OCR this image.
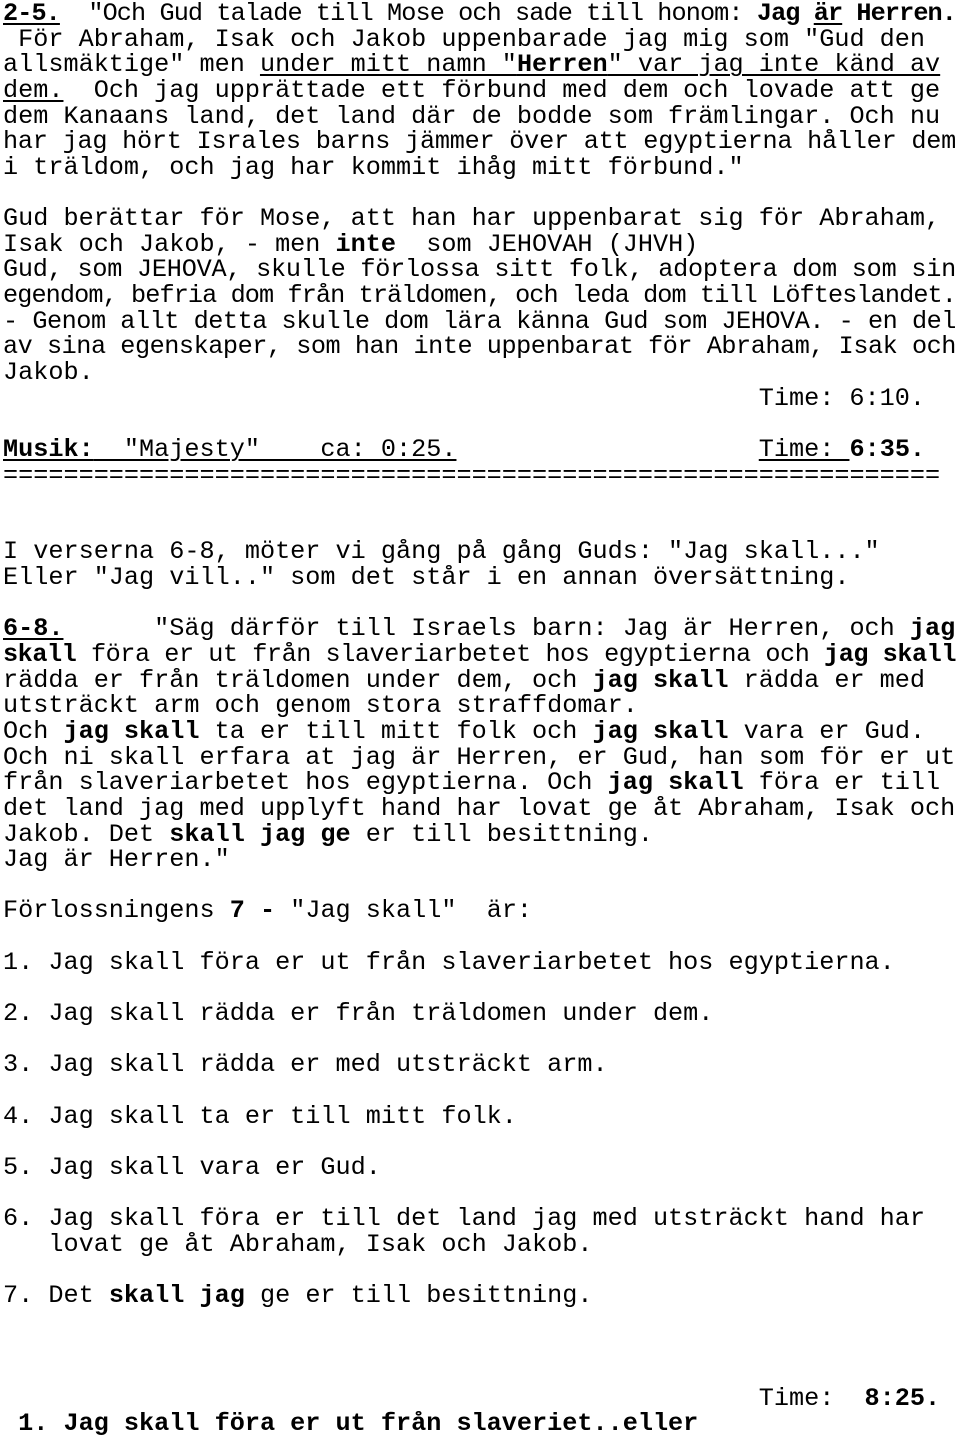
2-5.  "Och Gud talade till Mose och sade till honom: Jag är Herren.
För Abraham, Isak och Jakob uppenbarade jag mig som "Gud den
allsmäktige" men under mitt namn "Herren" var jag inte känd av
dem.  Och jag upprättade ett förbund med dem och lovade att ge
dem Kanaans land, det land där de bodde som främlingar. Och nu
har jag hört Israles barns jämmer över att egyptierna håller dem
i träldom, och jag har kommit ihåg mitt förbund."
Gud berättar för Mose, att han har uppenbarat sig för Abraham,
Isak och Jakob, - men inte  som JEHOVAH (JHVH)
Gud, som JEHOVA, skulle förlossa sitt folk, adoptera dom som sin
egendom, befria dom från träldomen, och leda dom till Löfteslandet.
- Genom allt detta skulle dom lära känna Gud som JEHOVA. - en del
av sina egenskaper, som han inte uppenbarat för Abraham, Isak och
Jakob.
Time: 6:10.
Musik:  "Majesty"    ca: 0:25.	Time: 6:35.
==============================================================
I verserna 6-8, möter vi gång på gång Guds: "Jag skall..."
Eller "Jag vill.." som det står i en annan översättning.
6-8.	"Säg därför till Israels barn: Jag är Herren, och jag
skall föra er ut från slaveriarbetet hos egyptierna och jag skall
rädda er från träldomen under dem, och jag skall rädda er med
utsträckt arm och genom stora straffdomar.
Och jag skall ta er till mitt folk och jag skall vara er Gud.
Och ni skall erfara at jag är Herren, er Gud, han som för er ut
från slaveriarbetet hos egyptierna. Och jag skall föra er till
det land jag med upplyft hand har lovat ge åt Abraham, Isak och
Jakob. Det skall jag ge er till besittning.
Jag är Herren."
Förlossningens 7 - "Jag skall"  är:
1. Jag skall föra er ut från slaveriarbetet hos egyptierna.
2. Jag skall rädda er från träldomen under dem.
3. Jag skall rädda er med utsträckt arm.
4. Jag skall ta er till mitt folk.
5. Jag skall vara er Gud.
6. Jag skall föra er till det land jag med utsträckt hand har
lovat ge åt Abraham, Isak och Jakob.
7. Det skall jag ge er till besittning.
Time:  8:25.
1. Jag skall föra er ut från slaveriet..eller
